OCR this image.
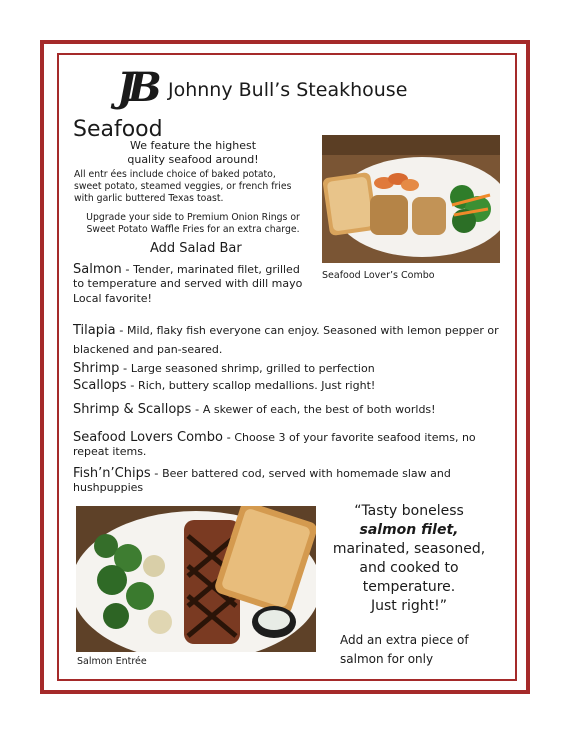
JB Johnny Bull’s Steakhouse
Seafood
We feature the highest quality seafood around!
All entr ées include choice of baked potato, sweet potato, steamed veggies, or french fries with garlic buttered Texas toast.
Upgrade your side to Premium Onion Rings or Sweet Potato Waffle Fries for an extra charge.
Add Salad Bar
Salmon - Tender, marinated filet, grilled to temperature and served with dill mayo
Local favorite!
Tilapia - Mild, flaky fish everyone can enjoy. Seasoned with lemon pepper or blackened and pan-seared.
Shrimp - Large seasoned shrimp, grilled to perfection
Scallops - Rich, buttery scallop medallions. Just right!
Shrimp & Scallops - A skewer of each, the best of both worlds!
Seafood Lovers Combo - Choose 3 of your favorite seafood items, no repeat items.
Fish’n’Chips - Beer battered cod, served with homemade slaw and hushpuppies
Seafood Lover’s Combo
Salmon Entrée
“Tasty boneless
salmon filet,
marinated, seasoned,
and cooked to
temperature.
Just right!”
Add an extra piece of
salmon for only
